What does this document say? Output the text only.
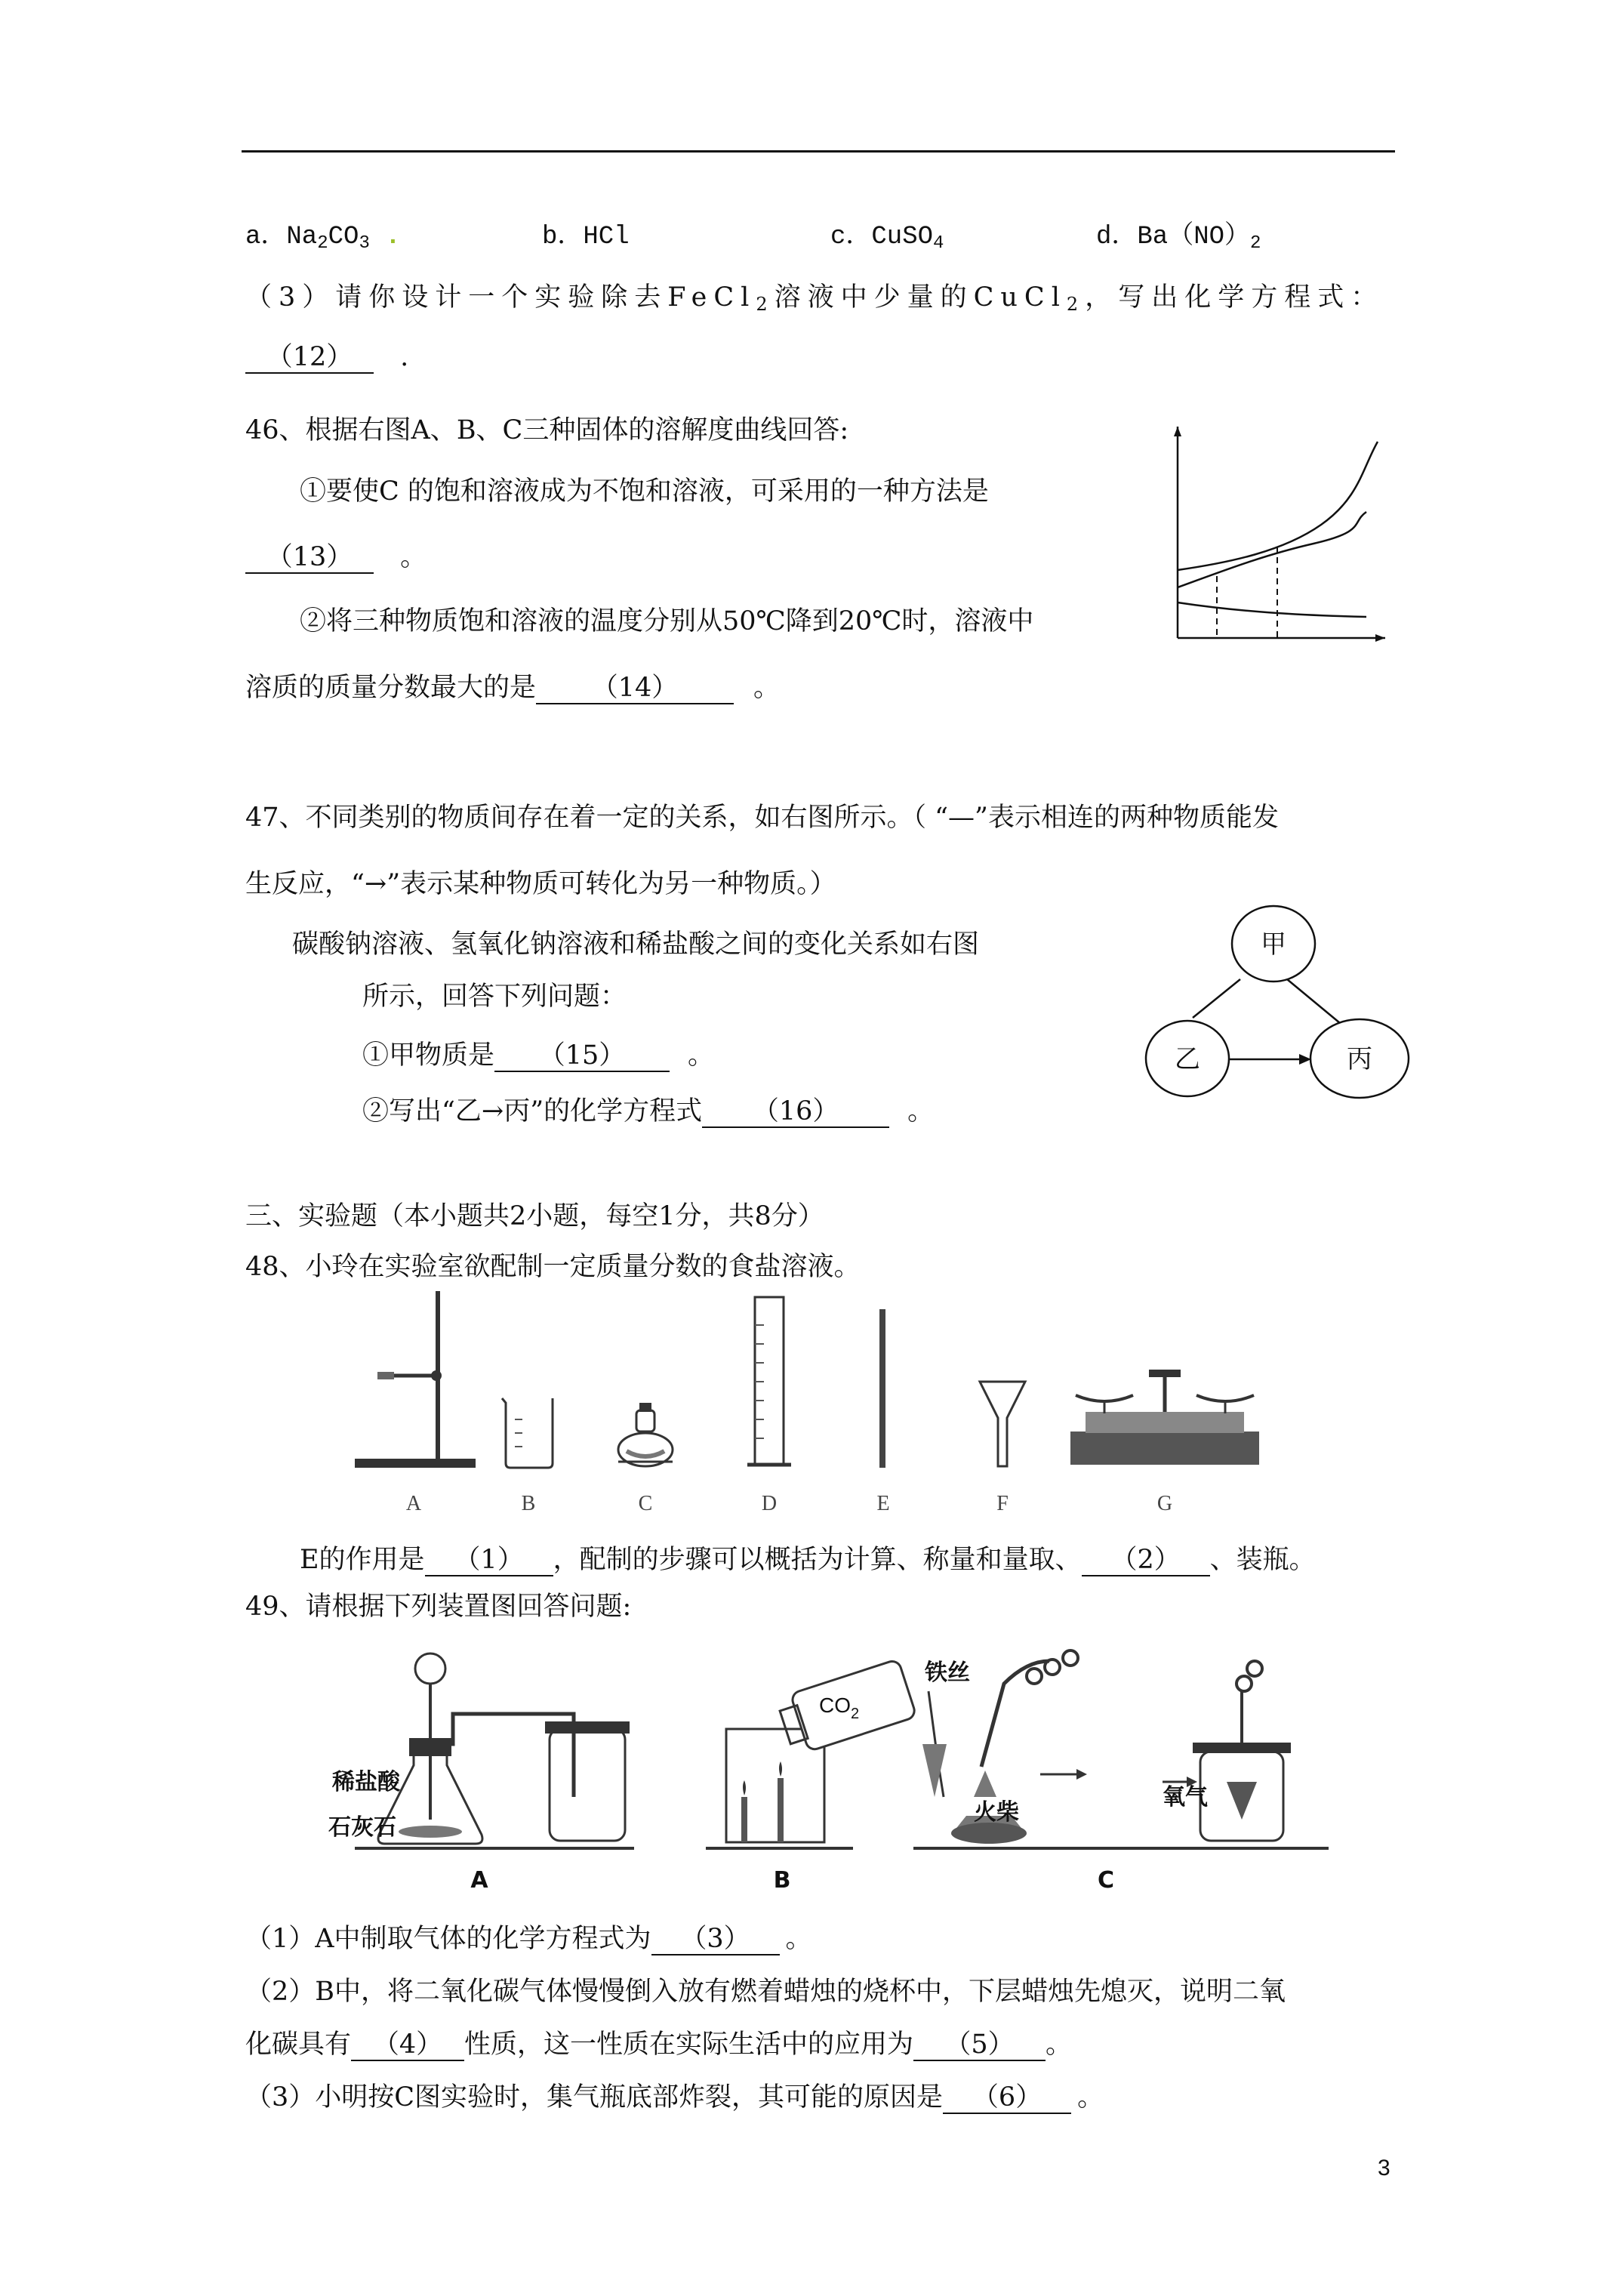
a．$Na_2CO_3$ .	b．HCl	c．CuSO$_4$	d．$Ba(NO)_2$
（3）请你设计一个实验除去FeCl$_2$溶液中少量的CuCl$_2$，写出化学方程式：
（12） .
46、根据右图A、B、C三种固体的溶解度曲线回答:
①要使C 的饱和溶液成为不饱和溶液，可采用的一种方法是
（13） 。
②将三种物质饱和溶液的温度分别从50℃降到20℃时，溶液中
溶质的质量分数最大的是 （14）	。
47、不同类别的物质间存在着一定的关系，如右图所示。（ “—”表示相连的两种物质能发
生反应，“→”表示某种物质可转化为另一种物质。）
碳酸钠溶液、氢氧化钠溶液和稀盐酸之间的变化关系如右图
所示，回答下列问题：
①甲物质是 （15） 。
②写出“乙→丙”的化学方程式 （16）	。
甲
乙	丙
三、实验题（本小题共2小题，每空1分，共8分）
48、小玲在实验室欲配制一定质量分数的食盐溶液。
A	B	C	D	E	F	G
E的作用是 （1） ，配制的步骤可以概括为计算、称量和量取、 （2） 、装瓶。
49、请根据下列装置图回答问题:
稀盐酸
石灰石
A
$CO_2$
B
铁丝
火柴
氧气
C
（1）A中制取气体的化学方程式为 （3） 。
（2）B中，将二氧化碳气体慢慢倒入放有燃着蜡烛的烧杯中，下层蜡烛先熄灭，说明二氧
化碳具有 （4） 性质，这一性质在实际生活中的应用为 （5） 。
（3）小明按C图实验时，集气瓶底部炸裂，其可能的原因是 （6） 。
3
